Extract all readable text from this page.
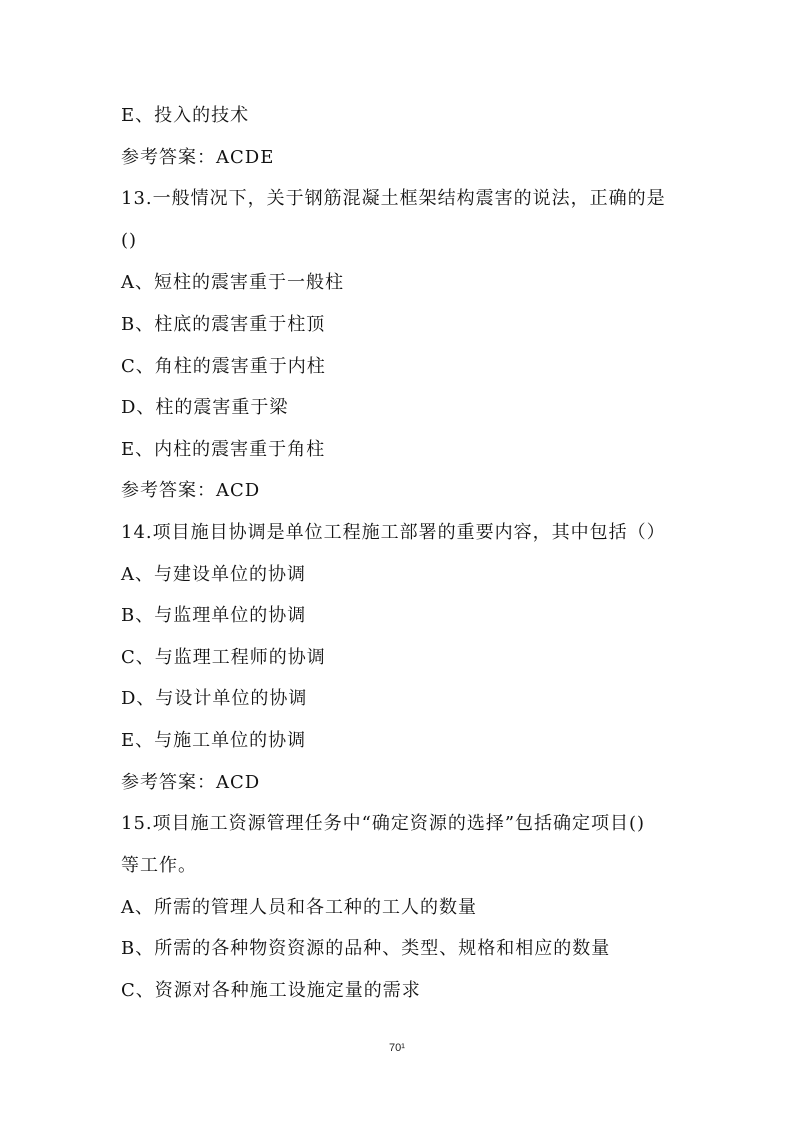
E、投入的技术
参考答案：ACDE
13.一般情况下，关于钢筋混凝土框架结构震害的说法，正确的是
()
A、短柱的震害重于一般柱
B、柱底的震害重于柱顶
C、角柱的震害重于内柱
D、柱的震害重于梁
E、内柱的震害重于角柱
参考答案：ACD
14.项目施目协调是单位工程施工部署的重要内容，其中包括（）
A、与建设单位的协调
B、与监理单位的协调
C、与监理工程师的协调
D、与设计单位的协调
E、与施工单位的协调
参考答案：ACD
15.项目施工资源管理任务中“确定资源的选择”包括确定项目()
等工作。
A、所需的管理人员和各工种的工人的数量
B、所需的各种物资资源的品种、类型、规格和相应的数量
C、资源对各种施工设施定量的需求
70¹
